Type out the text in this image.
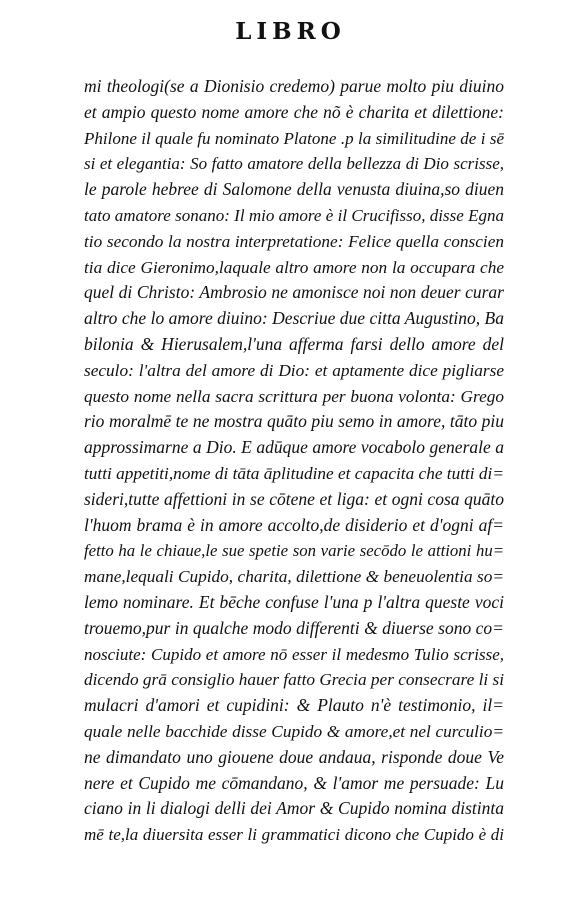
LIBRO
mi theologi(se a Dionisio credemo) parue molto piu diuino
et ampio questo nome amore che nõ è charita et dilettione:
Philone il quale fu nominato Platone .p la similitudine de i sē
si et elegantia: So fatto amatore della bellezza di Dio scrisse,
le parole hebree di Salomone della venusta diuina,so diuen
tato amatore sonano: Il mio amore è il Crucifisso, disse Egna
tio secondo la nostra interpretatione: Felice quella conscien
tia dice Gieronimo,laquale altro amore non la occupara che
quel di Christo: Ambrosio ne amonisce noi non deuer curar
altro che lo amore diuino: Descriue due citta Augustino, Ba
bilonia & Hierusalem,l'una afferma farsi dello amore del
seculo: l'altra del amore di Dio: et aptamente dice pigliarse
questo nome nella sacra scrittura per buona volonta: Grego
rio moralmē te ne mostra quāto piu semo in amore, tāto piu
approssimarne a Dio. E adūque amore vocabolo generale a
tutti appetiti,nome di tāta āplitudine et capacita che tutti di=
sideri,tutte affettioni in se cōtene et liga: et ogni cosa quāto
l'huom brama è in amore accolto,de disiderio et d'ogni af=
fetto ha le chiaue,le sue spetie son varie secōdo le attioni hu=
mane,lequali Cupido, charita, dilettione & beneuolentia so=
lemo nominare. Et bēche confuse l'una p l'altra queste voci
trouemo,pur in qualche modo differenti & diuerse sono co=
nosciute: Cupido et amore nō esser il medesmo Tulio scrisse,
dicendo grā consiglio hauer fatto Grecia per consecrare li si
mulacri d'amori et cupidini: & Plauto n'è testimonio, il=
quale nelle bacchide disse Cupido & amore,et nel curculio=
ne dimandato uno giouene doue andaua, risponde doue Ve
nere et Cupido me cōmandano, & l'amor me persuade: Lu
ciano in li dialogi delli dei Amor & Cupido nomina distinta
mē te,la diuersita esser li grammatici dicono che Cupido è di
